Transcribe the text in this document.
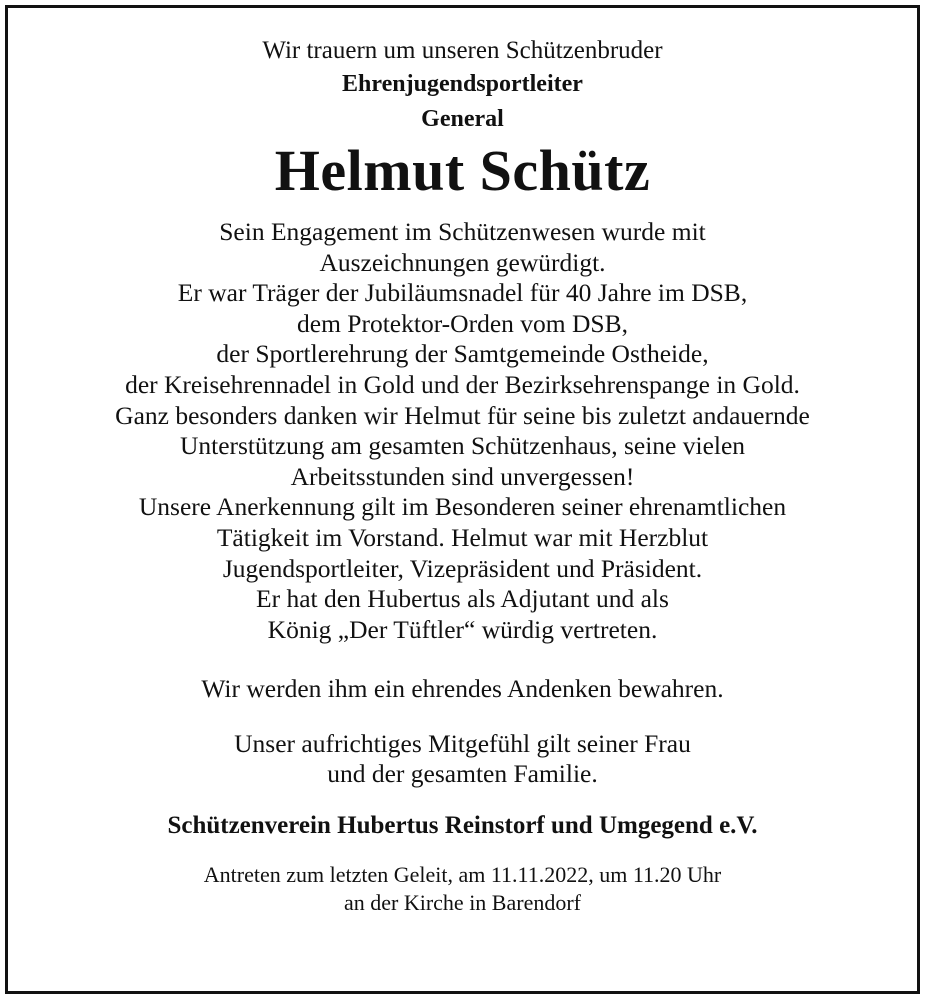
Wir trauern um unseren Schützenbruder
Ehrenjugendsportleiter
General
Helmut Schütz
Sein Engagement im Schützenwesen wurde mit
Auszeichnungen gewürdigt.
Er war Träger der Jubiläumsnadel für 40 Jahre im DSB,
dem Protektor-Orden vom DSB,
der Sportlerehrung der Samtgemeinde Ostheide,
der Kreisehrennadel in Gold und der Bezirksehrenspange in Gold.
Ganz besonders danken wir Helmut für seine bis zuletzt andauernde
Unterstützung am gesamten Schützenhaus, seine vielen
Arbeitsstunden sind unvergessen!
Unsere Anerkennung gilt im Besonderen seiner ehrenamtlichen
Tätigkeit im Vorstand. Helmut war mit Herzblut
Jugendsportleiter, Vizepräsident und Präsident.
Er hat den Hubertus als Adjutant und als
König „Der Tüftler“ würdig vertreten.
Wir werden ihm ein ehrendes Andenken bewahren.
Unser aufrichtiges Mitgefühl gilt seiner Frau
und der gesamten Familie.
Schützenverein Hubertus Reinstorf und Umgegend e.V.
Antreten zum letzten Geleit, am 11.11.2022, um 11.20 Uhr
an der Kirche in Barendorf
